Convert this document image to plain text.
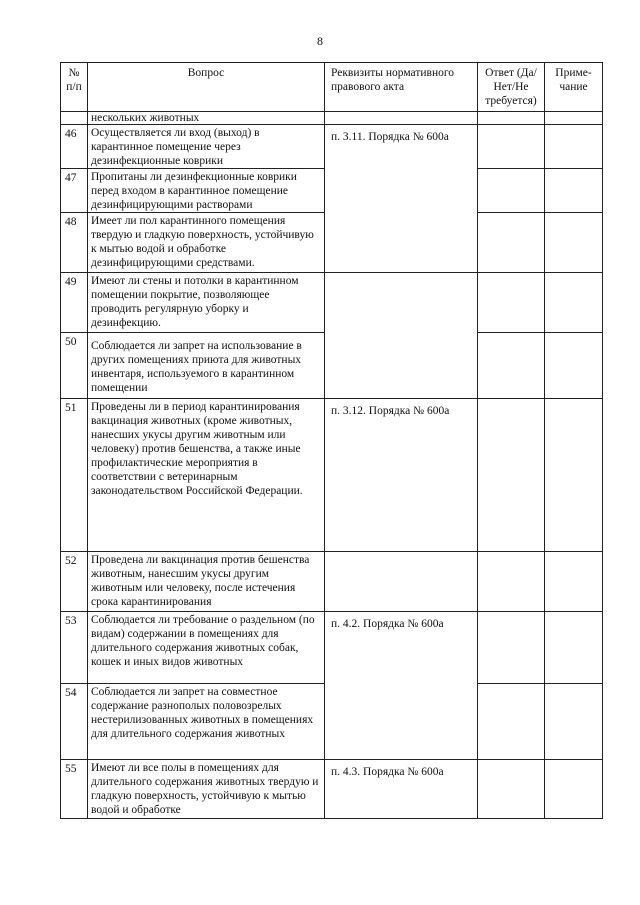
8
№ п/п	Вопрос	Реквизиты нормативного правового акта	Ответ (Да/ Нет/Не требуется)	Приме- чание
	нескольких животных			
46	Осуществляется ли вход (выход) в карантинное помещение через дезинфекционные коврики	п. 3.11. Порядка № 600а		
47	Пропитаны ли дезинфекционные коврики перед входом в карантинное помещение дезинфицирующими растворами			
48	Имеет ли пол карантинного помещения твердую и гладкую поверхность, устойчивую к мытью водой и обработке дезинфицирующими средствами.			
49	Имеют ли стены и потолки в карантинном помещении покрытие, позволяющее проводить регулярную уборку и дезинфекцию.			
50	Соблюдается ли запрет на использование в других помещениях приюта для животных инвентаря, используемого в карантинном помещении			
51	Проведены ли в период карантинирования вакцинация животных (кроме животных, нанесших укусы другим животным или человеку) против бешенства, а также иные профилактические мероприятия в соответствии с ветеринарным законодательством Российской Федерации.	п. 3.12. Порядка № 600а		
52	Проведена ли вакцинация против бешенства животным, нанесшим укусы другим животным или человеку, после истечения срока карантинирования			
53	Соблюдается ли требование о раздельном (по видам) содержании в помещениях для длительного содержания животных собак, кошек и иных видов животных	п. 4.2. Порядка № 600а		
54	Соблюдается ли запрет на совместное содержание разнополых половозрелых нестерилизованных животных в помещениях для длительного содержания животных			
55	Имеют ли все полы в помещениях для длительного содержания животных твердую и гладкую поверхность, устойчивую к мытью водой и обработке	п. 4.3. Порядка № 600а		
